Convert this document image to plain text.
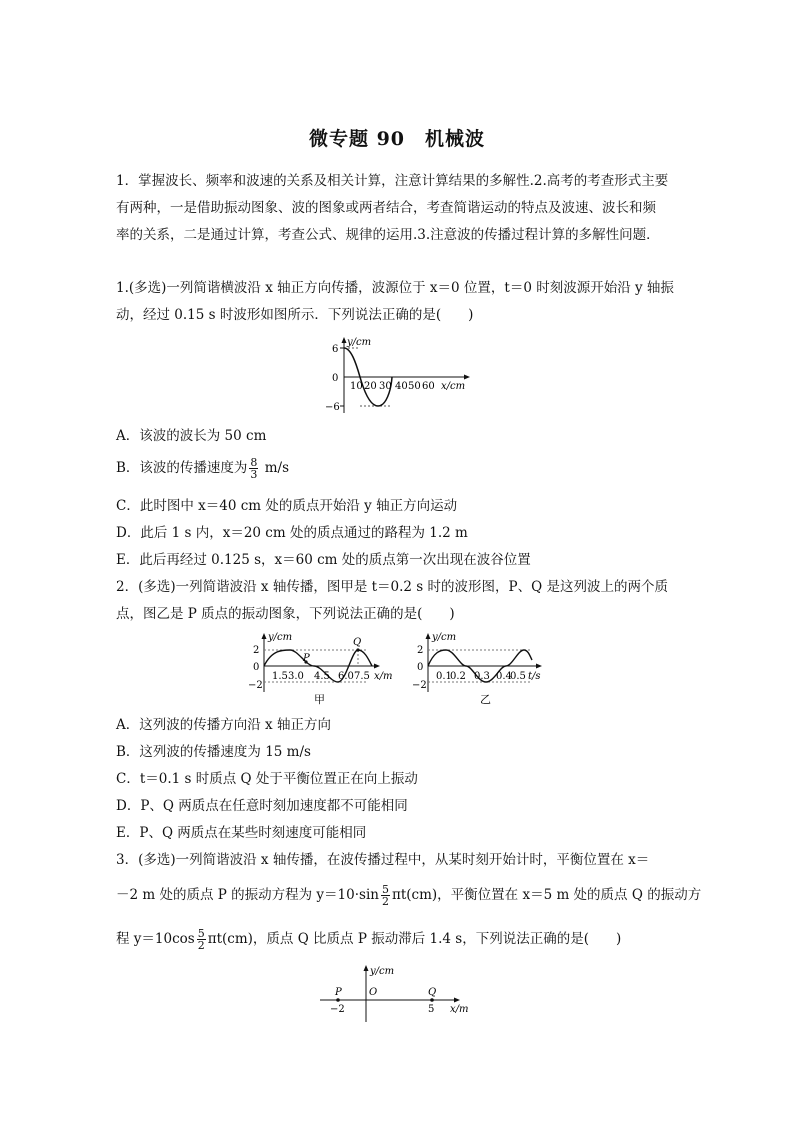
微专题 90　机械波
1．掌握波长、频率和波速的关系及相关计算，注意计算结果的多解性.2.高考的考查形式主要
有两种，一是借助振动图象、波的图象或两者结合，考查简谐运动的特点及波速、波长和频
率的关系，二是通过计算，考查公式、规律的运用.3.注意波的传播过程计算的多解性问题．
1.(多选)一列简谐横波沿 x 轴正方向传播，波源位于 x＝0 位置，t＝0 时刻波源开始沿 y 轴振
动，经过 0.15 s 时波形如图所示．下列说法正确的是(　　)
y/cm
6
0
−6
10 20 30 40 50 60 x/cm
A．该波的波长为 50 cm
B．该波的传播速度为 $\frac{8}{3} m/s$
C．此时图中 x＝40 cm 处的质点开始沿 y 轴正方向运动
D．此后 1 s 内，x＝20 cm 处的质点通过的路程为 1.2 m
E．此后再经过 0.125 s，x＝60 cm 处的质点第一次出现在波谷位置
2．(多选)一列简谐波沿 x 轴传播，图甲是 t＝0.2 s 时的波形图，P、Q 是这列波上的两个质
点，图乙是 P 质点的振动图象，下列说法正确的是(　　)
y/cm
2
0
−2
P
Q
1.5 3.0 4.5 6.0 7.5 x/m
甲
y/cm
2
0
−2
0.1
0.2 0.3 0.4
0.5 t/s
乙
A．这列波的传播方向沿 x 轴正方向
B．这列波的传播速度为 15 m/s
C．t＝0.1 s 时质点 Q 处于平衡位置正在向上振动
D．P、Q 两质点在任意时刻加速度都不可能相同
E．P、Q 两质点在某些时刻速度可能相同
3．(多选)一列简谐波沿 x 轴传播，在波传播过程中，从某时刻开始计时，平衡位置在 x＝
－2 m 处的质点 P 的振动方程为 $y=10\cdot\sin \frac{5}{2} \pi t(cm)$，平衡位置在 x＝5 m 处的质点 Q 的振动方
程 $y=10\cos \frac{5}{2} \pi t(cm)$，质点 Q 比质点 P 振动滞后 1.4 s，下列说法正确的是(　　)
y/cm
O
P	Q
−2	5 x/m
